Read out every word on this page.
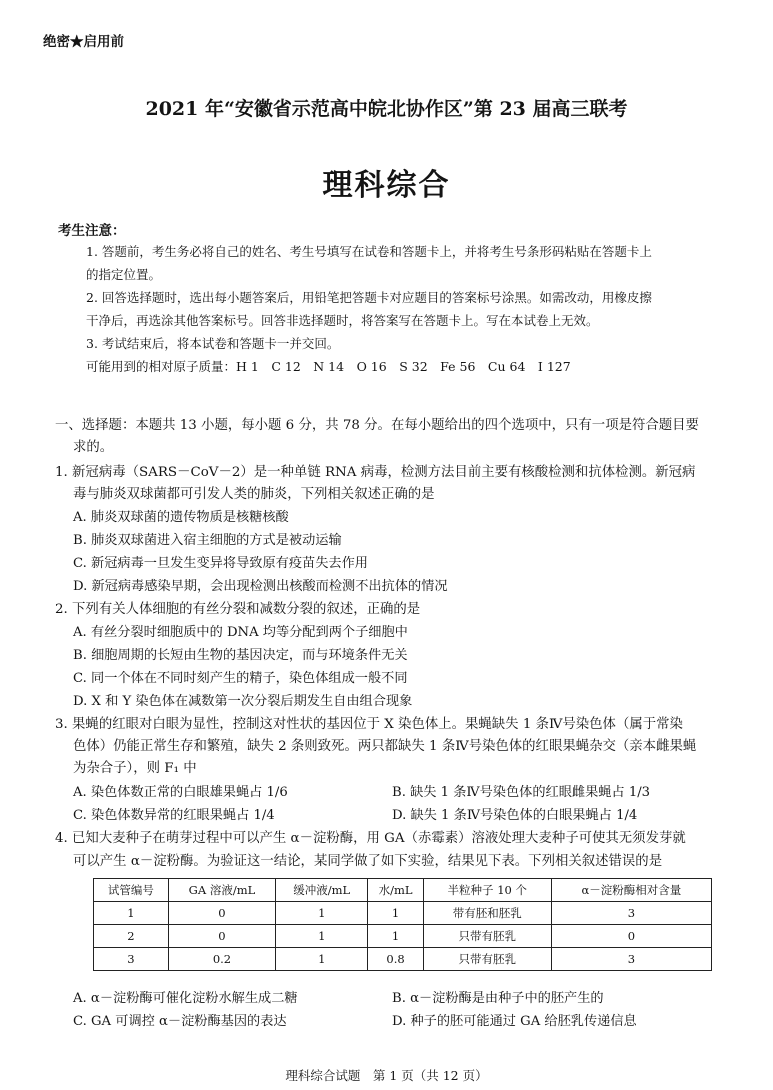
绝密★启用前
2021 年“安徽省示范高中皖北协作区”第 23 届高三联考
理科综合
考生注意：
1. 答题前，考生务必将自己的姓名、考生号填写在试卷和答题卡上，并将考生号条形码粘贴在答题卡上
的指定位置。
2. 回答选择题时，选出每小题答案后，用铅笔把答题卡对应题目的答案标号涂黑。如需改动，用橡皮擦
干净后，再选涂其他答案标号。回答非选择题时，将答案写在答题卡上。写在本试卷上无效。
3. 考试结束后，将本试卷和答题卡一并交回。
可能用到的相对原子质量：H 1　C 12　N 14　O 16　S 32　Fe 56　Cu 64　I 127
一、选择题：本题共 13 小题，每小题 6 分，共 78 分。在每小题给出的四个选项中，只有一项是符合题目要
求的。
1. 新冠病毒（SARS－CoV－2）是一种单链 RNA 病毒，检测方法目前主要有核酸检测和抗体检测。新冠病
毒与肺炎双球菌都可引发人类的肺炎，下列相关叙述正确的是
A. 肺炎双球菌的遗传物质是核糖核酸
B. 肺炎双球菌进入宿主细胞的方式是被动运输
C. 新冠病毒一旦发生变异将导致原有疫苗失去作用
D. 新冠病毒感染早期，会出现检测出核酸而检测不出抗体的情况
2. 下列有关人体细胞的有丝分裂和减数分裂的叙述，正确的是
A. 有丝分裂时细胞质中的 DNA 均等分配到两个子细胞中
B. 细胞周期的长短由生物的基因决定，而与环境条件无关
C. 同一个体在不同时刻产生的精子，染色体组成一般不同
D. X 和 Y 染色体在减数第一次分裂后期发生自由组合现象
3. 果蝇的红眼对白眼为显性，控制这对性状的基因位于 X 染色体上。果蝇缺失 1 条Ⅳ号染色体（属于常染
色体）仍能正常生存和繁殖，缺失 2 条则致死。两只都缺失 1 条Ⅳ号染色体的红眼果蝇杂交（亲本雌果蝇
为杂合子），则 F₁ 中
A. 染色体数正常的白眼雄果蝇占 1/6	B. 缺失 1 条Ⅳ号染色体的红眼雌果蝇占 1/3
C. 染色体数异常的红眼果蝇占 1/4	D. 缺失 1 条Ⅳ号染色体的白眼果蝇占 1/4
4. 已知大麦种子在萌芽过程中可以产生 α－淀粉酶，用 GA（赤霉素）溶液处理大麦种子可使其无须发芽就
可以产生 α－淀粉酶。为验证这一结论，某同学做了如下实验，结果见下表。下列相关叙述错误的是
试管编号	GA 溶液/mL	缓冲液/mL	水/mL	半粒种子 10 个	α－淀粉酶相对含量
1	0	1	1	带有胚和胚乳	3
2	0	1	1	只带有胚乳	0
3	0.2	1	0.8	只带有胚乳	3
A. α－淀粉酶可催化淀粉水解生成二糖	B. α－淀粉酶是由种子中的胚产生的
C. GA 可调控 α－淀粉酶基因的表达	D. 种子的胚可能通过 GA 给胚乳传递信息
理科综合试题　第 1 页（共 12 页）
